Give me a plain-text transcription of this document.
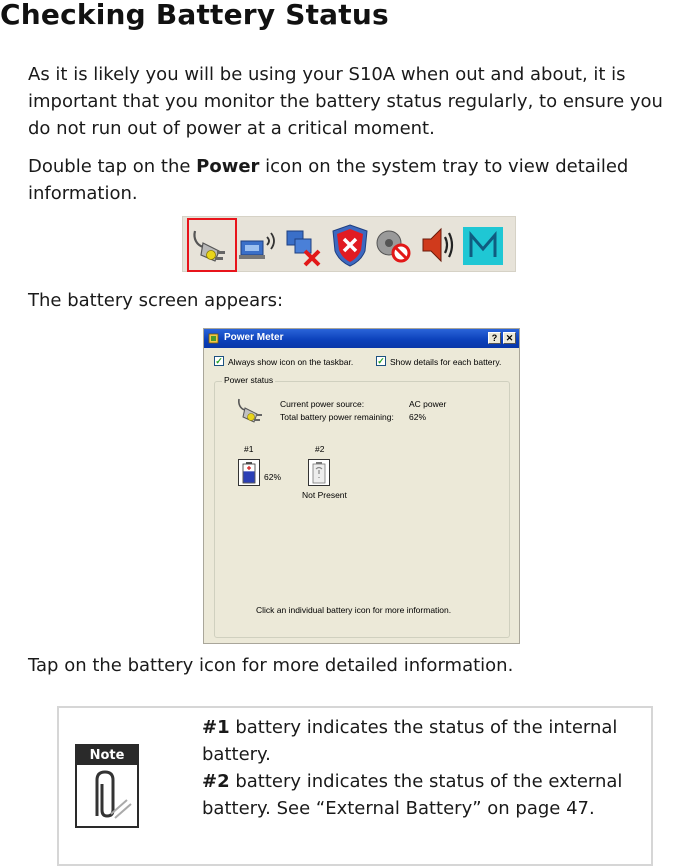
Checking Battery Status

As it is likely you will be using your S10A when out and about, it is important that you monitor the battery status regularly, to ensure you do not run out of power at a critical moment.

Double tap on the Power icon on the system tray to view detailed information.

The battery screen appears:

Power Meter	? ✕
✓ Always show icon on the taskbar.	✓ Show details for each battery.
Power status
Current power source:	AC power
Total battery power remaining: 62%
#1	#2
62%
Not Present
Click an individual battery icon for more information.

Tap on the battery icon for more detailed information.

Note

#1 battery indicates the status of the internal battery.
#2 battery indicates the status of the external battery. See “External Battery” on page 47.
